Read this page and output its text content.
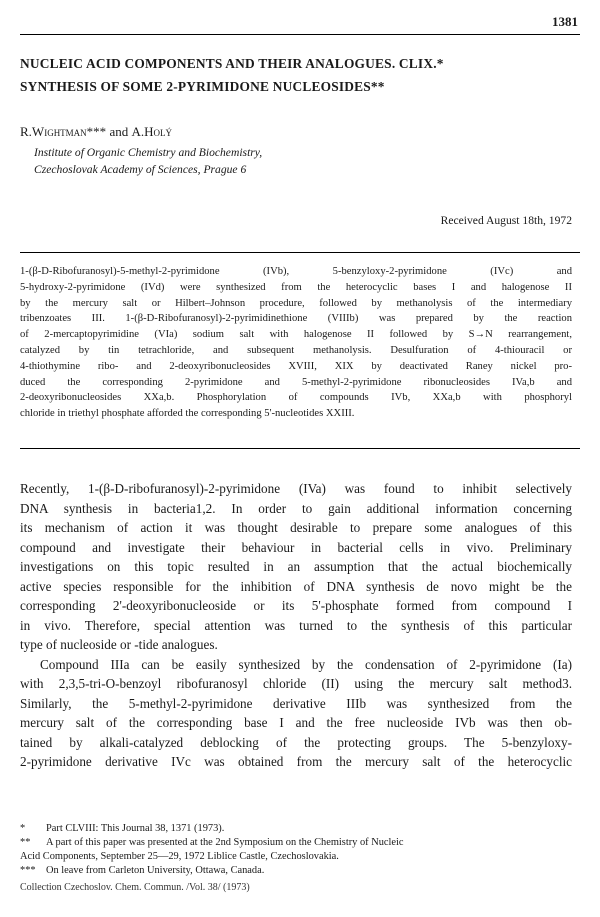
1381
NUCLEIC ACID COMPONENTS AND THEIR ANALOGUES. CLIX.*
SYNTHESIS OF SOME 2-PYRIMIDONE NUCLEOSIDES**
R.Wightman*** and A.Holý
Institute of Organic Chemistry and Biochemistry,
Czechoslovak Academy of Sciences, Prague 6
Received August 18th, 1972
1-(β-D-Ribofuranosyl)-5-methyl-2-pyrimidone (IVb), 5-benzyloxy-2-pyrimidone (IVc) and
5-hydroxy-2-pyrimidone (IVd) were synthesized from the heterocyclic bases I and halogenose II
by the mercury salt or Hilbert–Johnson procedure, followed by methanolysis of the intermediary
tribenzoates III. 1-(β-D-Ribofuranosyl)-2-pyrimidinethione (VIIIb) was prepared by the reaction
of 2-mercaptopyrimidine (VIa) sodium salt with halogenose II followed by S→N rearrangement,
catalyzed by tin tetrachloride, and subsequent methanolysis. Desulfuration of 4-thiouracil or
4-thiothymine ribo- and 2-deoxyribonucleosides XVIII, XIX by deactivated Raney nickel pro-
duced the corresponding 2-pyrimidone and 5-methyl-2-pyrimidone ribonucleosides IVa,b and
2-deoxyribonucleosides XXa,b. Phosphorylation of compounds IVb, XXa,b with phosphoryl
chloride in triethyl phosphate afforded the corresponding 5'-nucleotides XXIII.
Recently, 1-(β-D-ribofuranosyl)-2-pyrimidone (IVa) was found to inhibit selectively
DNA synthesis in bacteria1,2. In order to gain additional information concerning
its mechanism of action it was thought desirable to prepare some analogues of this
compound and investigate their behaviour in bacterial cells in vivo. Preliminary
investigations on this topic resulted in an assumption that the actual biochemically
active species responsible for the inhibition of DNA synthesis de novo might be the
corresponding 2'-deoxyribonucleoside or its 5'-phosphate formed from compound I
in vivo. Therefore, special attention was turned to the synthesis of this particular
type of nucleoside or -tide analogues.
Compound IIIa can be easily synthesized by the condensation of 2-pyrimidone (Ia)
with 2,3,5-tri-O-benzoyl ribofuranosyl chloride (II) using the mercury salt method3.
Similarly, the 5-methyl-2-pyrimidone derivative IIIb was synthesized from the
mercury salt of the corresponding base I and the free nucleoside IVb was then ob-
tained by alkali-catalyzed deblocking of the protecting groups. The 5-benzyloxy-
2-pyrimidone derivative IVc was obtained from the mercury salt of the heterocyclic
* Part CLVIII: This Journal 38, 1371 (1973).
** A part of this paper was presented at the 2nd Symposium on the Chemistry of Nucleic
Acid Components, September 25—29, 1972 Liblice Castle, Czechoslovakia.
*** On leave from Carleton University, Ottawa, Canada.
Collection Czechoslov. Chem. Commun. /Vol. 38/ (1973)
